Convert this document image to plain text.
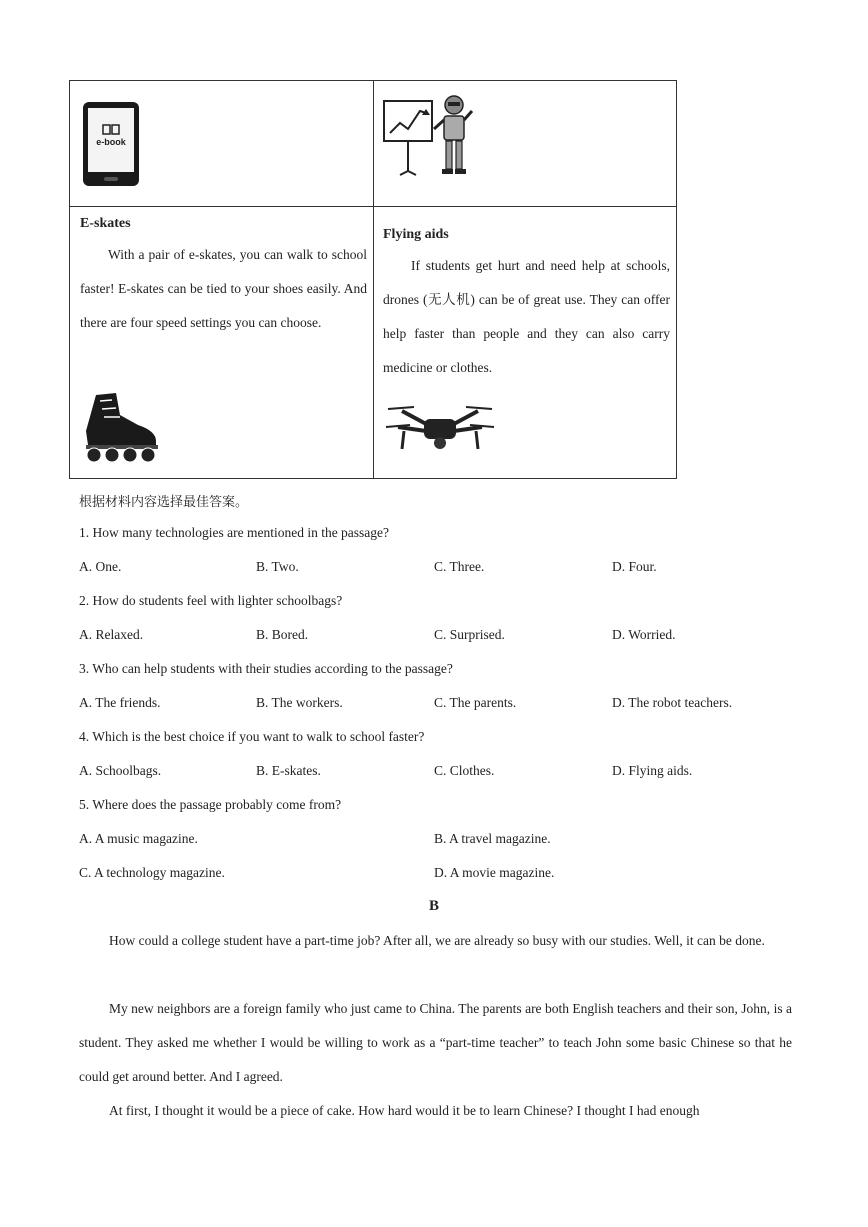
e-book
E-skates
With a pair of e-skates, you can walk to school faster! E-skates can be tied to your shoes easily. And there are four speed settings you can choose.
Flying aids
If students get hurt and need help at schools, drones (无人机) can be of great use. They can offer help faster than people and they can also carry medicine or clothes.
根据材料内容选择最佳答案。
1. How many technologies are mentioned in the passage?
A. One.	B. Two.	C. Three.	D. Four.
2. How do students feel with lighter schoolbags?
A. Relaxed.	B. Bored.	C. Surprised.	D. Worried.
3. Who can help students with their studies according to the passage?
A. The friends.	B. The workers.	C. The parents.	D. The robot teachers.
4. Which is the best choice if you want to walk to school faster?
A. Schoolbags.	B. E-skates.	C. Clothes.	D. Flying aids.
5. Where does the passage probably come from?
A. A music magazine.	B. A travel magazine.
C. A technology magazine.	D. A movie magazine.
B
How could a college student have a part-time job? After all, we are already so busy with our studies. Well, it can be done.
My new neighbors are a foreign family who just came to China. The parents are both English teachers and their son, John, is a student. They asked me whether I would be willing to work as a “part-time teacher” to teach John some basic Chinese so that he could get around better. And I agreed.
At first, I thought it would be a piece of cake. How hard would it be to learn Chinese? I thought I had enough
